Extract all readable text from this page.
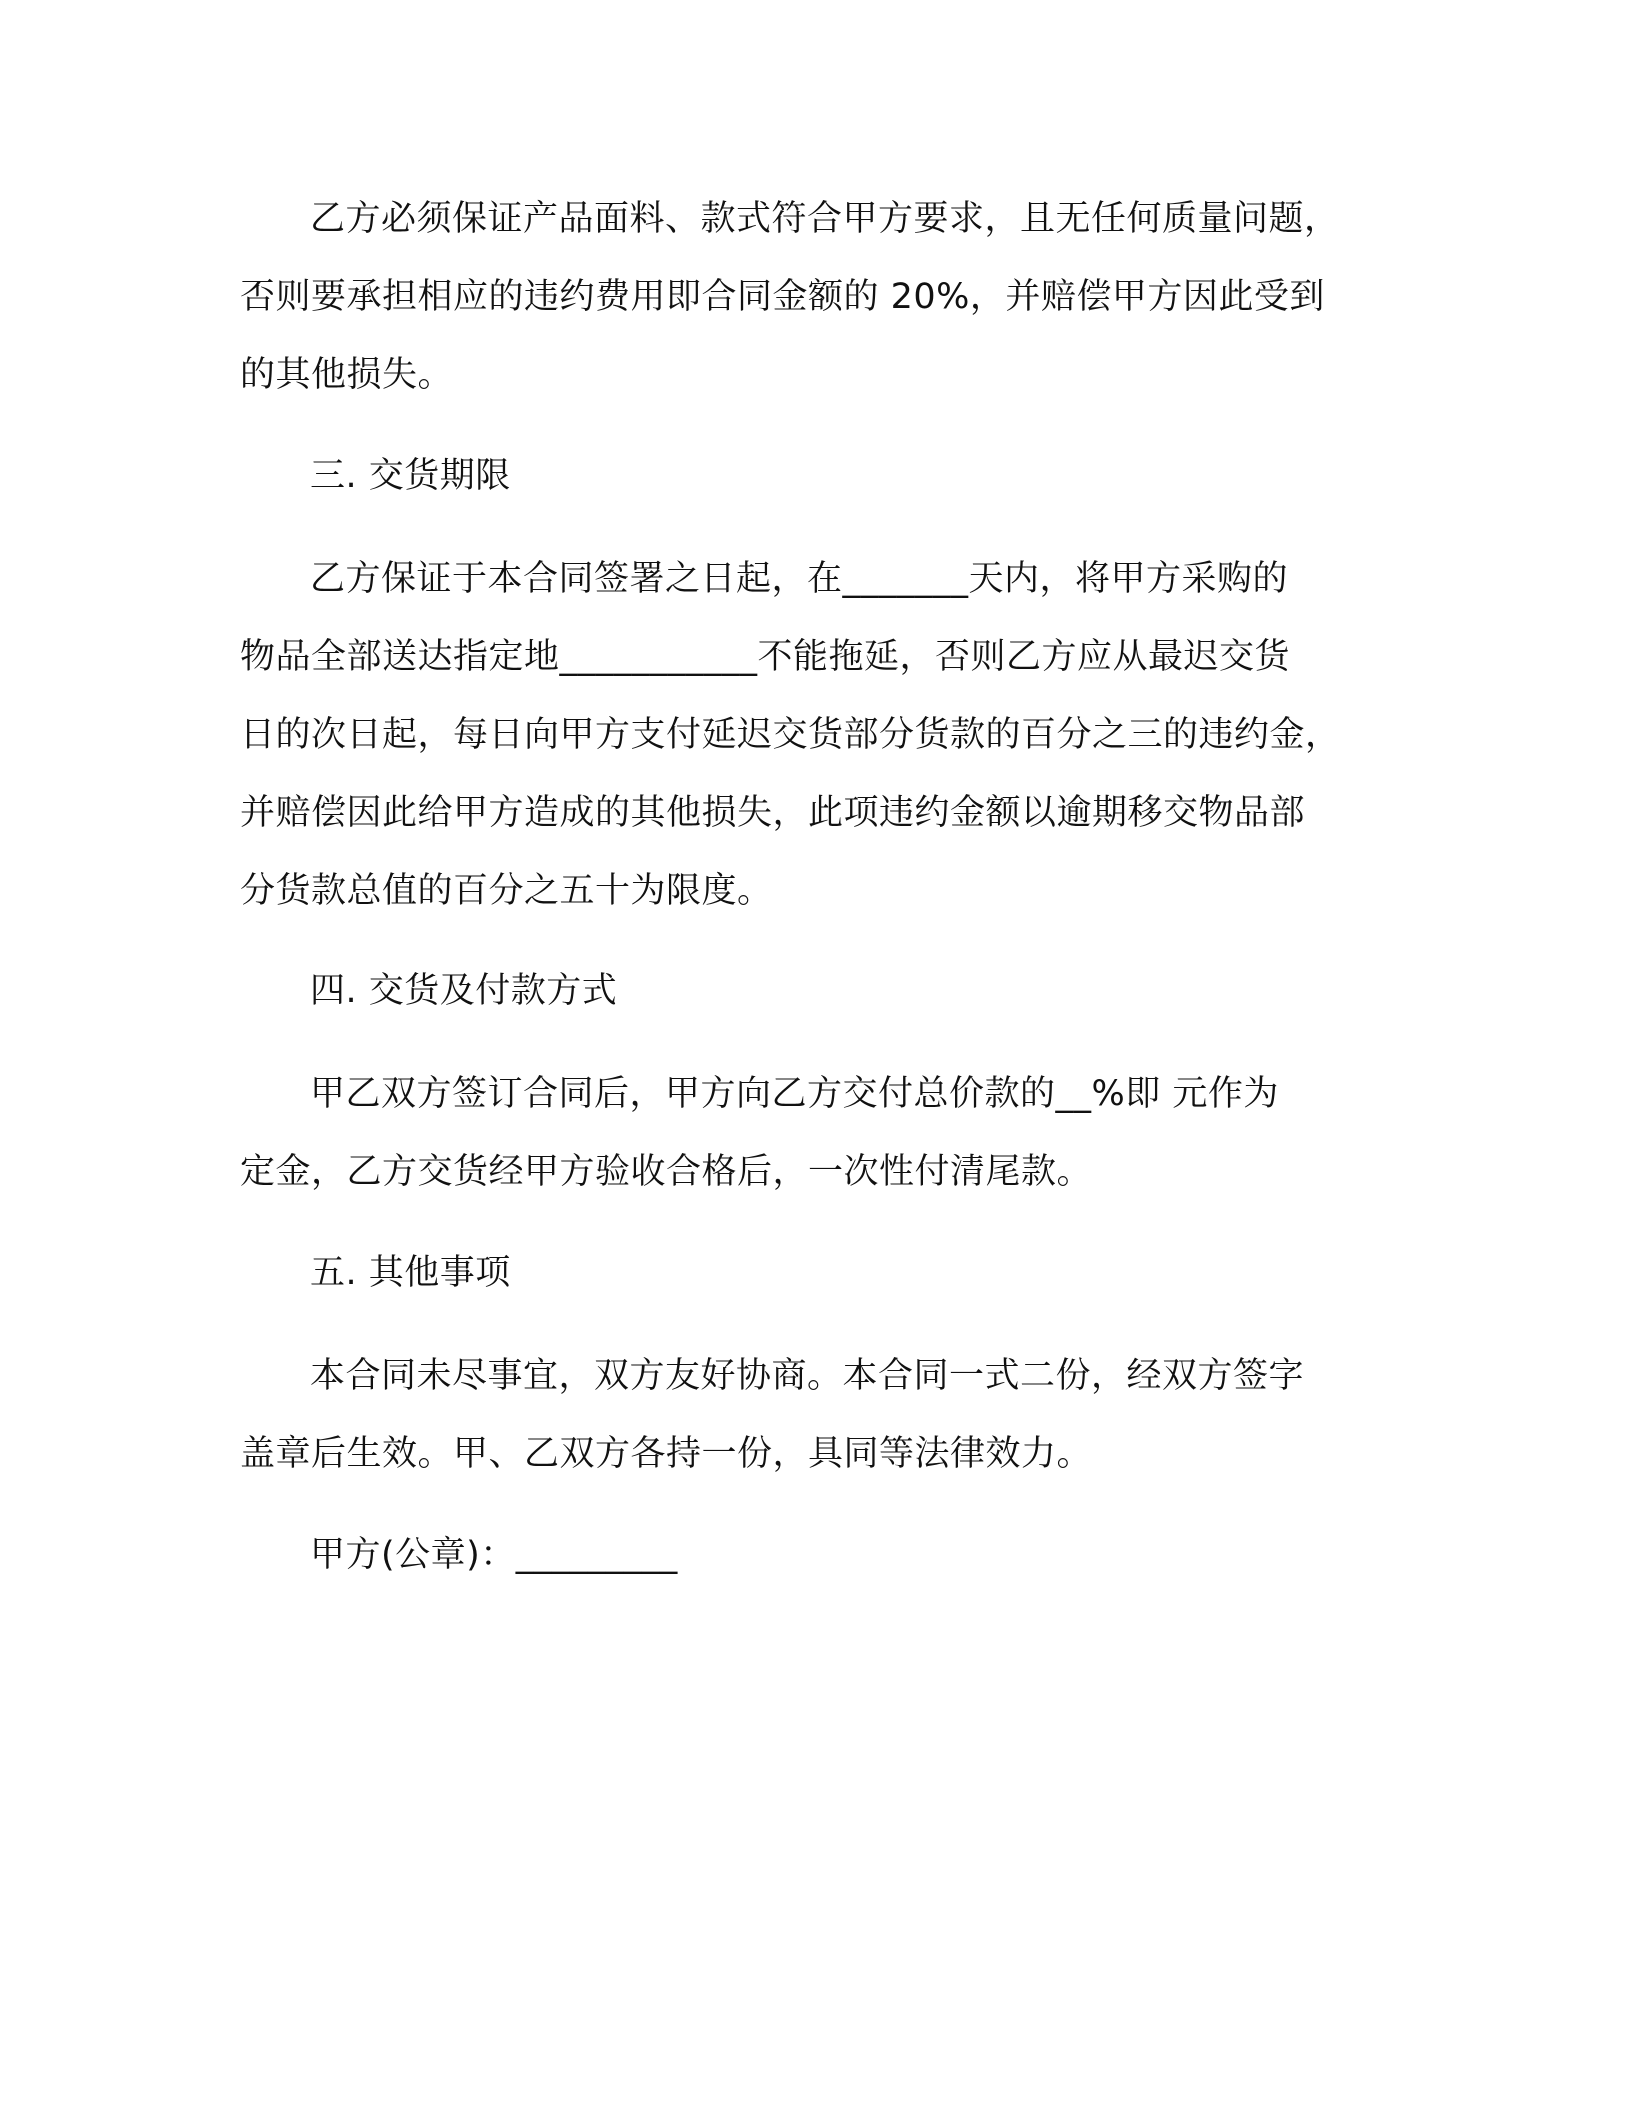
乙方必须保证产品面料、款式符合甲方要求，且无任何质量问题，
否则要承担相应的违约费用即合同金额的 20%，并赔偿甲方因此受到
的其他损失。
三. 交货期限
乙方保证于本合同签署之日起，在_______天内，将甲方采购的
物品全部送达指定地___________不能拖延，否则乙方应从最迟交货
日的次日起，每日向甲方支付延迟交货部分货款的百分之三的违约金，
并赔偿因此给甲方造成的其他损失，此项违约金额以逾期移交物品部
分货款总值的百分之五十为限度。
四. 交货及付款方式
甲乙双方签订合同后，甲方向乙方交付总价款的__%即 元作为
定金，乙方交货经甲方验收合格后，一次性付清尾款。
五. 其他事项
本合同未尽事宜，双方友好协商。本合同一式二份，经双方签字
盖章后生效。甲、乙双方各持一份，具同等法律效力。
甲方(公章)：_________
